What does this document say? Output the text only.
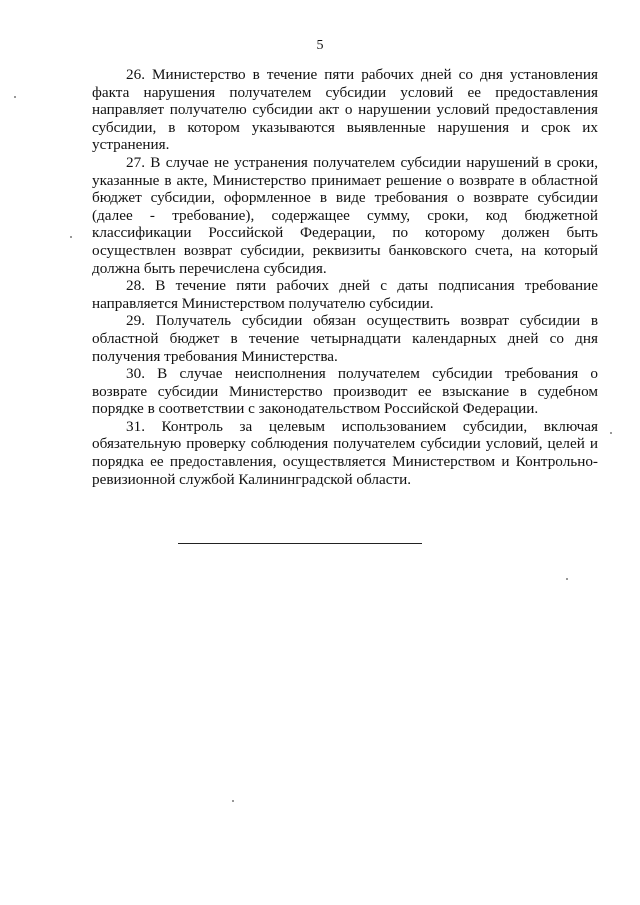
5

26. Министерство в течение пяти рабочих дней со дня установления факта нарушения получателем субсидии условий ее предоставления направляет получателю субсидии акт о нарушении условий предоставления субсидии, в котором указываются выявленные нарушения и срок их устранения.

27. В случае не устранения получателем субсидии нарушений в сроки, указанные в акте, Министерство принимает решение о возврате в областной бюджет субсидии, оформленное в виде требования о возврате субсидии (далее - требование), содержащее сумму, сроки, код бюджетной классификации Российской Федерации, по которому должен быть осуществлен возврат субсидии, реквизиты банковского счета, на который должна быть перечислена субсидия.

28. В течение пяти рабочих дней с даты подписания требование направляется Министерством получателю субсидии.

29. Получатель субсидии обязан осуществить возврат субсидии в областной бюджет в течение четырнадцати календарных дней со дня получения требования Министерства.

30. В случае неисполнения получателем субсидии требования о возврате субсидии Министерство производит ее взыскание в судебном порядке в соответствии с законодательством Российской Федерации.

31. Контроль за целевым использованием субсидии, включая обязательную проверку соблюдения получателем субсидии условий, целей и порядка ее предоставления, осуществляется Министерством и Контрольно-ревизионной службой Калининградской области.
